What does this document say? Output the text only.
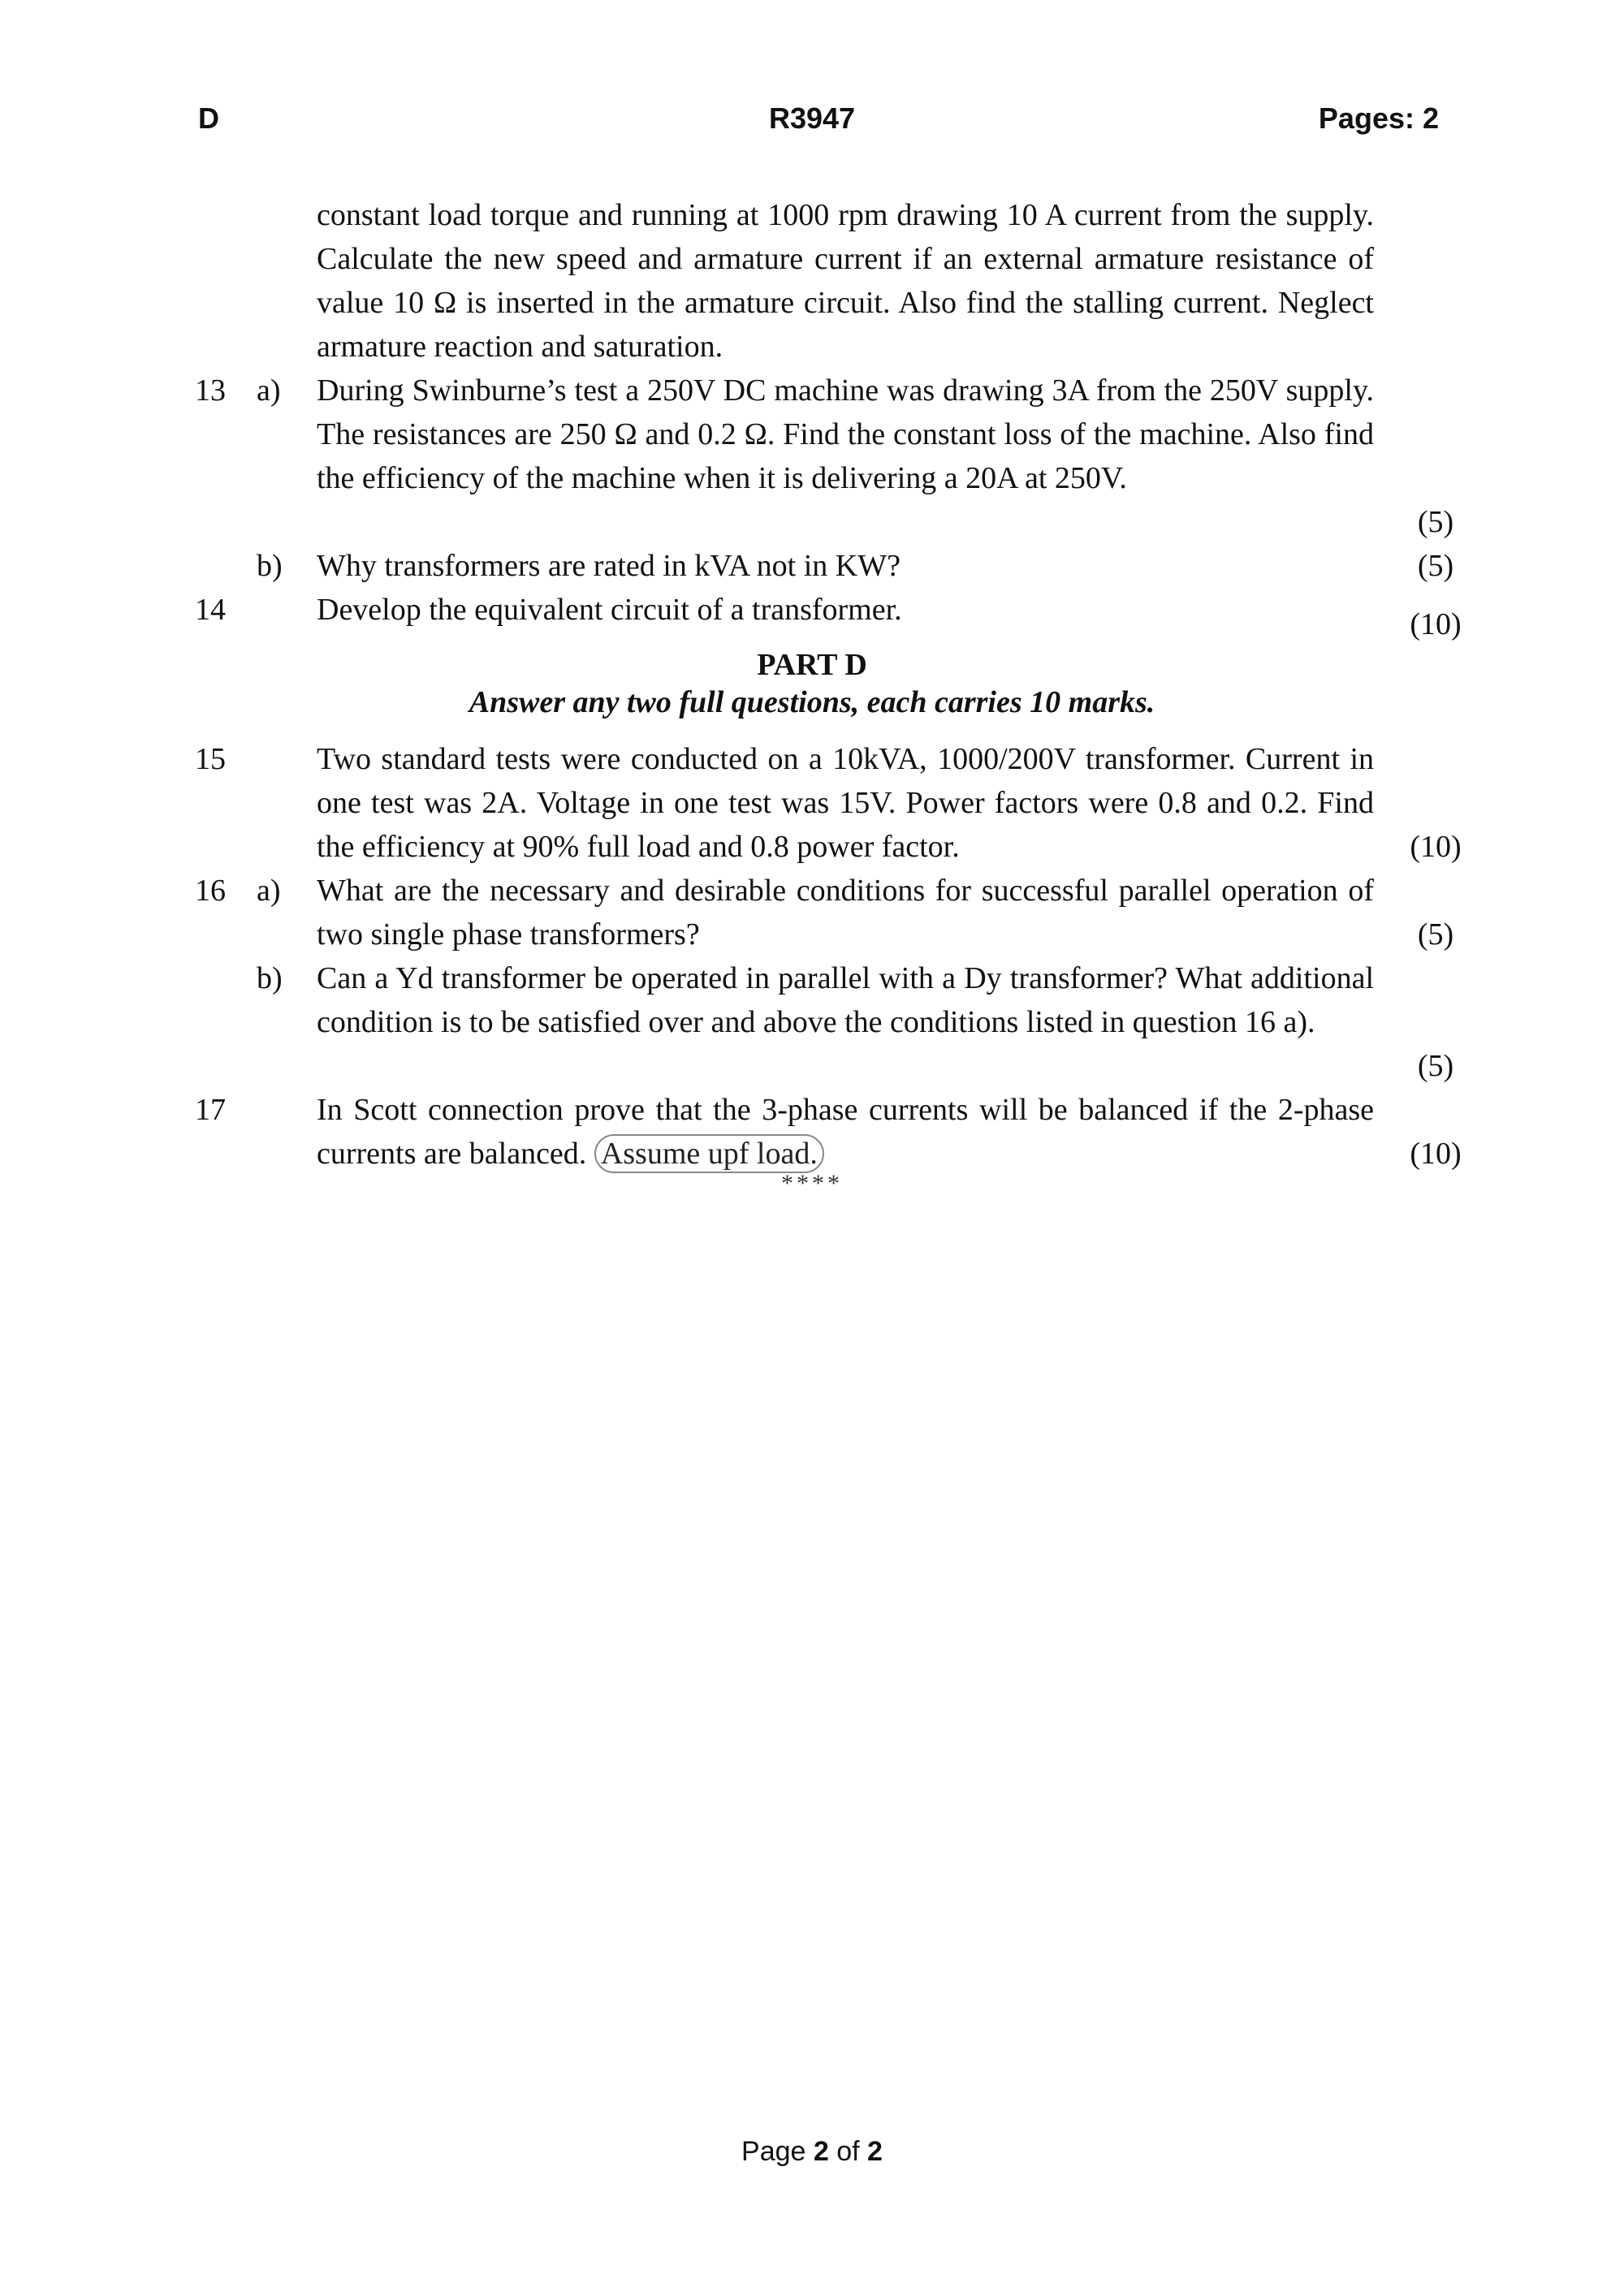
D	R3947	Pages: 2
constant load torque and running at 1000 rpm drawing 10 A current from the supply. Calculate the new speed and armature current if an external armature resistance of value 10 Ω is inserted in the armature circuit. Also find the stalling current. Neglect armature reaction and saturation.
13	a)	During Swinburne’s test a 250V DC machine was drawing 3A from the 250V supply. The resistances are 250 Ω and 0.2 Ω. Find the constant loss of the machine. Also find the efficiency of the machine when it is delivering a 20A at 250V.
(5)
b)	Why transformers are rated in kVA not in KW?	(5)
14	Develop the equivalent circuit of a transformer.	(10)
PART D
Answer any two full questions, each carries 10 marks.
15	Two standard tests were conducted on a 10kVA, 1000/200V transformer. Current in one test was 2A. Voltage in one test was 15V. Power factors were 0.8 and 0.2. Find the efficiency at 90% full load and 0.8 power factor.	(10)
16	a)	What are the necessary and desirable conditions for successful parallel operation of two single phase transformers?	(5)
b)	Can a Yd transformer be operated in parallel with a Dy transformer? What additional condition is to be satisfied over and above the conditions listed in question 16 a).
(5)
17	In Scott connection prove that the 3-phase currents will be balanced if the 2-phase currents are balanced. Assume upf load.	(10)
****
Page 2 of 2
